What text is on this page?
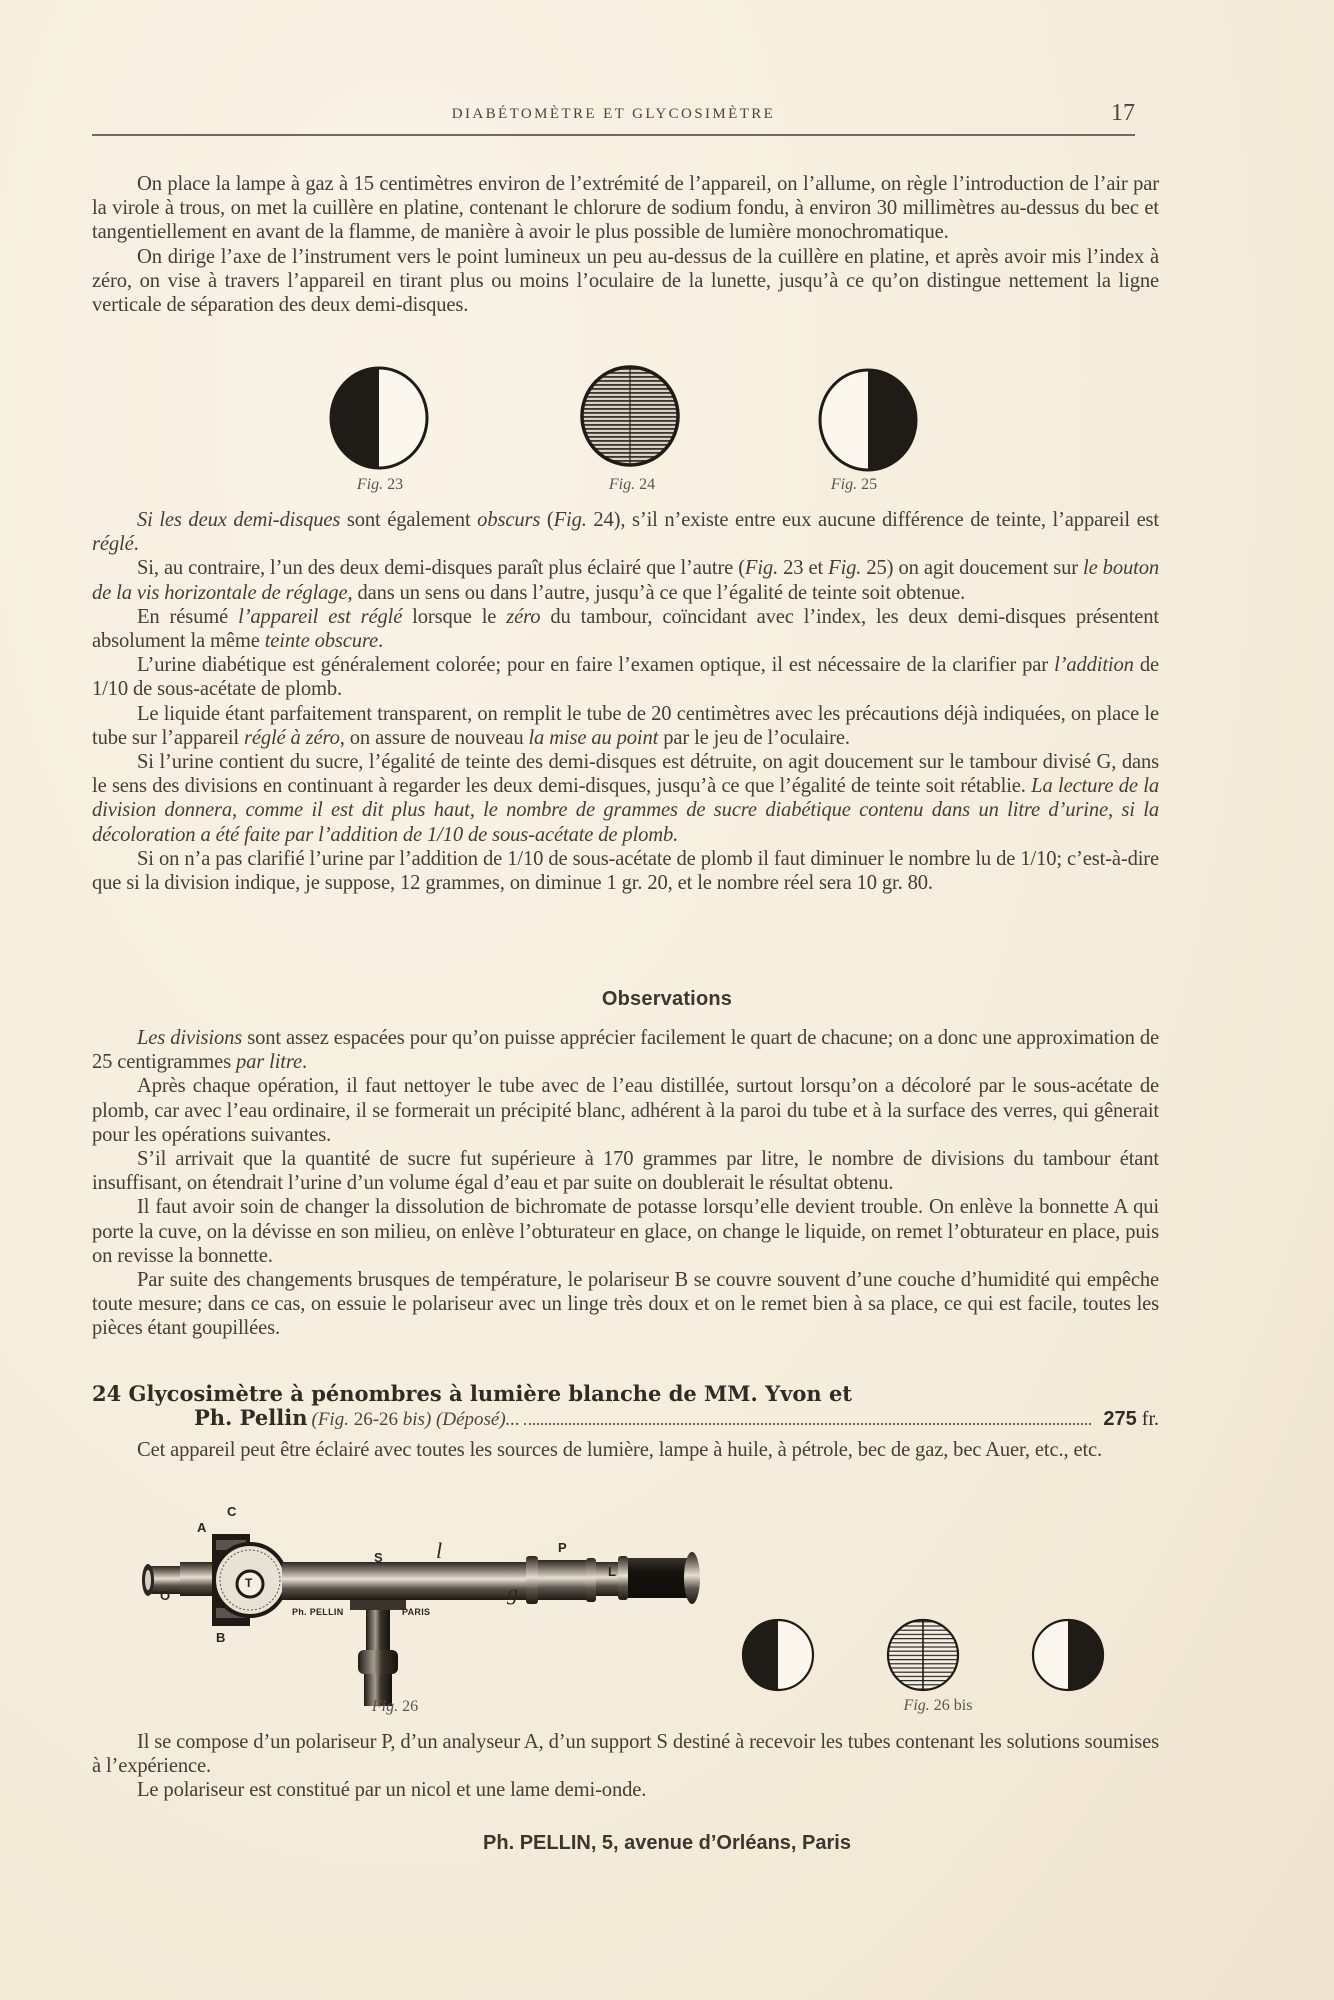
DIABÉTOMÈTRE ET GLYCOSIMÈTRE	17

On place la lampe à gaz à 15 centimètres environ de l’extrémité de l’appareil, on l’allume, on règle l’introduction de l’air par la virole à trous, on met la cuillère en platine, contenant le chlorure de sodium fondu, à environ 30 millimètres au-dessus du bec et tangentiellement en avant de la flamme, de manière à avoir le plus possible de lumière monochromatique.

On dirige l’axe de l’instrument vers le point lumineux un peu au-dessus de la cuillère en platine, et après avoir mis l’index à zéro, on vise à travers l’appareil en tirant plus ou moins l’oculaire de la lunette, jusqu’à ce qu’on distingue nettement la ligne verticale de séparation des deux demi-disques.

Fig. 23	Fig. 24	Fig. 25

Si les deux demi-disques sont également obscurs (Fig. 24), s’il n’existe entre eux aucune différence de teinte, l’appareil est réglé.

Si, au contraire, l’un des deux demi-disques paraît plus éclairé que l’autre (Fig. 23 et Fig. 25) on agit doucement sur le bouton de la vis horizontale de réglage, dans un sens ou dans l’autre, jusqu’à ce que l’égalité de teinte soit obtenue.

En résumé l’appareil est réglé lorsque le zéro du tambour, coïncidant avec l’index, les deux demi-disques présentent absolument la même teinte obscure.

L’urine diabétique est généralement colorée; pour en faire l’examen optique, il est nécessaire de la clarifier par l’addition de 1/10 de sous-acétate de plomb.

Le liquide étant parfaitement transparent, on remplit le tube de 20 centimètres avec les précautions déjà indiquées, on place le tube sur l’appareil réglé à zéro, on assure de nouveau la mise au point par le jeu de l’oculaire.

Si l’urine contient du sucre, l’égalité de teinte des demi-disques est détruite, on agit doucement sur le tambour divisé G, dans le sens des divisions en continuant à regarder les deux demi-disques, jusqu’à ce que l’égalité de teinte soit rétablie. La lecture de la division donnera, comme il est dit plus haut, le nombre de grammes de sucre diabétique contenu dans un litre d’urine, si la décoloration a été faite par l’addition de 1/10 de sous-acétate de plomb.

Si on n’a pas clarifié l’urine par l’addition de 1/10 de sous-acétate de plomb il faut diminuer le nombre lu de 1/10; c’est-à-dire que si la division indique, je suppose, 12 grammes, on diminue 1 gr. 20, et le nombre réel sera 10 gr. 80.

Observations

Les divisions sont assez espacées pour qu’on puisse apprécier facilement le quart de chacune; on a donc une approximation de 25 centigrammes par litre.

Après chaque opération, il faut nettoyer le tube avec de l’eau distillée, surtout lorsqu’on a décoloré par le sous-acétate de plomb, car avec l’eau ordinaire, il se formerait un précipité blanc, adhérent à la paroi du tube et à la surface des verres, qui gênerait pour les opérations suivantes.

S’il arrivait que la quantité de sucre fut supérieure à 170 grammes par litre, le nombre de divisions du tambour étant insuffisant, on étendrait l’urine d’un volume égal d’eau et par suite on doublerait le résultat obtenu.

Il faut avoir soin de changer la dissolution de bichromate de potasse lorsqu’elle devient trouble. On enlève la bonnette A qui porte la cuve, on la dévisse en son milieu, on enlève l’obturateur en glace, on change le liquide, on remet l’obturateur en place, puis on revisse la bonnette.

Par suite des changements brusques de température, le polariseur B se couvre souvent d’une couche d’humidité qui empêche toute mesure; dans ce cas, on essuie le polariseur avec un linge très doux et on le remet bien à sa place, ce qui est facile, toutes les pièces étant goupillées.

24 Glycosimètre à pénombres à lumière blanche de MM. Yvon et
Ph. Pellin (Fig. 26-26 bis) (Déposé)...	275 fr.

Cet appareil peut être éclairé avec toutes les sources de lumière, lampe à huile, à pétrole, bec de gaz, bec Auer, etc., etc.

A
C
O
B
T
S l
g
P
L
Ph. PELLIN	PARIS
Fig. 26	Fig. 26 bis

Il se compose d’un polariseur P, d’un analyseur A, d’un support S destiné à recevoir les tubes contenant les solutions soumises à l’expérience.

Le polariseur est constitué par un nicol et une lame demi-onde.

Ph. PELLIN, 5, avenue d’Orléans, Paris
